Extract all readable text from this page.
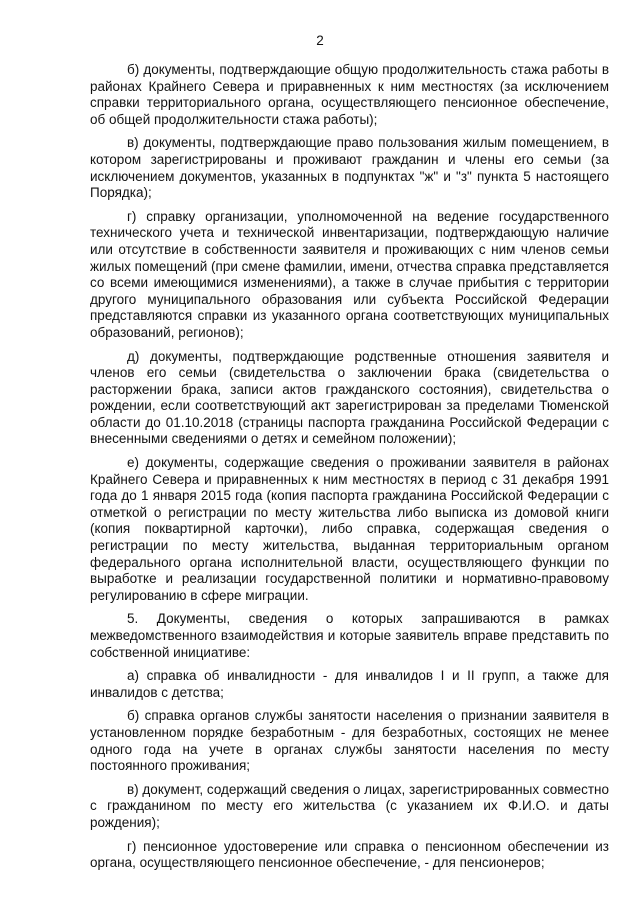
2

б) документы, подтверждающие общую продолжительность стажа работы в районах Крайнего Севера и приравненных к ним местностях (за исключением справки территориального органа, осуществляющего пенсионное обеспечение, об общей продолжительности стажа работы);

в) документы, подтверждающие право пользования жилым помещением, в котором зарегистрированы и проживают гражданин и члены его семьи (за исключением документов, указанных в подпунктах "ж" и "з" пункта 5 настоящего Порядка);

г) справку организации, уполномоченной на ведение государственного технического учета и технической инвентаризации, подтверждающую наличие или отсутствие в собственности заявителя и проживающих с ним членов семьи жилых помещений (при смене фамилии, имени, отчества справка представляется со всеми имеющимися изменениями), а также в случае прибытия с территории другого муниципального образования или субъекта Российской Федерации представляются справки из указанного органа соответствующих муниципальных образований, регионов);

д) документы, подтверждающие родственные отношения заявителя и членов его семьи (свидетельства о заключении брака (свидетельства о расторжении брака, записи актов гражданского состояния), свидетельства о рождении, если соответствующий акт зарегистрирован за пределами Тюменской области до 01.10.2018 (страницы паспорта гражданина Российской Федерации с внесенными сведениями о детях и семейном положении);

е) документы, содержащие сведения о проживании заявителя в районах Крайнего Севера и приравненных к ним местностях в период с 31 декабря 1991 года до 1 января 2015 года (копия паспорта гражданина Российской Федерации с отметкой о регистрации по месту жительства либо выписка из домовой книги (копия поквартирной карточки), либо справка, содержащая сведения о регистрации по месту жительства, выданная территориальным органом федерального органа исполнительной власти, осуществляющего функции по выработке и реализации государственной политики и нормативно-правовому регулированию в сфере миграции.

5. Документы, сведения о которых запрашиваются в рамках межведомственного взаимодействия и которые заявитель вправе представить по собственной инициативе:

а) справка об инвалидности - для инвалидов I и II групп, а также для инвалидов с детства;

б) справка органов службы занятости населения о признании заявителя в установленном порядке безработным - для безработных, состоящих не менее одного года на учете в органах службы занятости населения по месту постоянного проживания;

в) документ, содержащий сведения о лицах, зарегистрированных совместно с гражданином по месту его жительства (с указанием их Ф.И.О. и даты рождения);

г) пенсионное удостоверение или справка о пенсионном обеспечении из органа, осуществляющего пенсионное обеспечение, - для пенсионеров;
